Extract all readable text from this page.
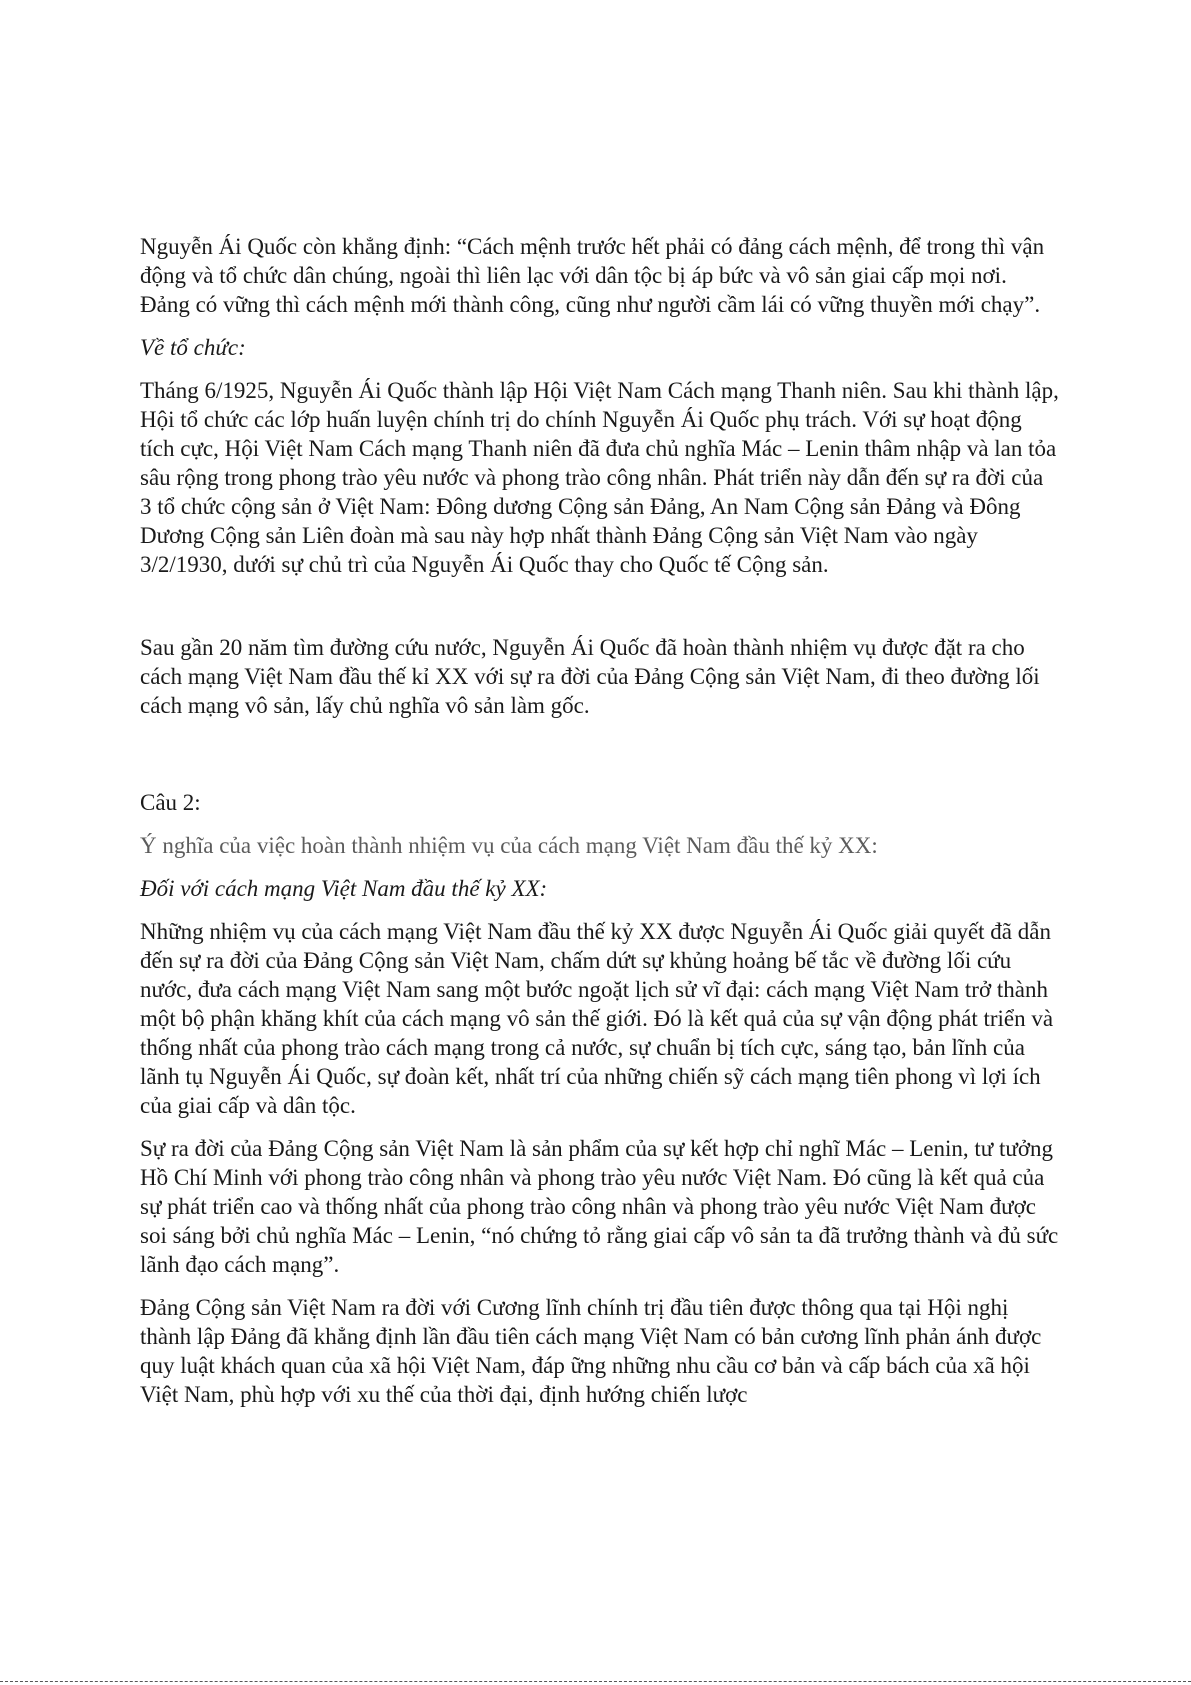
Nguyễn Ái Quốc còn khẳng định: “Cách mệnh trước hết phải có đảng cách mệnh, để trong thì vận động và tổ chức dân chúng, ngoài thì liên lạc với dân tộc bị áp bức và vô sản giai cấp mọi nơi. Đảng có vững thì cách mệnh mới thành công, cũng như người cầm lái có vững thuyền mới chạy”.

Về tổ chức:

Tháng 6/1925, Nguyễn Ái Quốc thành lập Hội Việt Nam Cách mạng Thanh niên. Sau khi thành lập, Hội tổ chức các lớp huấn luyện chính trị do chính Nguyễn Ái Quốc phụ trách. Với sự hoạt động tích cực, Hội Việt Nam Cách mạng Thanh niên đã đưa chủ nghĩa Mác – Lenin thâm nhập và lan tỏa sâu rộng trong phong trào yêu nước và phong trào công nhân. Phát triển này dẫn đến sự ra đời của 3 tổ chức cộng sản ở Việt Nam: Đông dương Cộng sản Đảng, An Nam Cộng sản Đảng và Đông Dương Cộng sản Liên đoàn mà sau này hợp nhất thành Đảng Cộng sản Việt Nam vào ngày 3/2/1930, dưới sự chủ trì của Nguyễn Ái Quốc thay cho Quốc tế Cộng sản.

Sau gần 20 năm tìm đường cứu nước, Nguyễn Ái Quốc đã hoàn thành nhiệm vụ được đặt ra cho cách mạng Việt Nam đầu thế kỉ XX với sự ra đời của Đảng Cộng sản Việt Nam, đi theo đường lối cách mạng vô sản, lấy chủ nghĩa vô sản làm gốc.

Câu 2:

Ý nghĩa của việc hoàn thành nhiệm vụ của cách mạng Việt Nam đầu thế kỷ XX:

Đối với cách mạng Việt Nam đầu thế kỷ XX:

Những nhiệm vụ của cách mạng Việt Nam đầu thế kỷ XX được Nguyễn Ái Quốc giải quyết đã dẫn đến sự ra đời của Đảng Cộng sản Việt Nam, chấm dứt sự khủng hoảng bế tắc về đường lối cứu nước, đưa cách mạng Việt Nam sang một bước ngoặt lịch sử vĩ đại: cách mạng Việt Nam trở thành một bộ phận khăng khít của cách mạng vô sản thế giới. Đó là kết quả của sự vận động phát triển và thống nhất của phong trào cách mạng trong cả nước, sự chuẩn bị tích cực, sáng tạo, bản lĩnh của lãnh tụ Nguyễn Ái Quốc, sự đoàn kết, nhất trí của những chiến sỹ cách mạng tiên phong vì lợi ích của giai cấp và dân tộc.

Sự ra đời của Đảng Cộng sản Việt Nam là sản phẩm của sự kết hợp chỉ nghĩ Mác – Lenin, tư tưởng Hồ Chí Minh với phong trào công nhân và phong trào yêu nước Việt Nam. Đó cũng là kết quả của sự phát triển cao và thống nhất của phong trào công nhân và phong trào yêu nước Việt Nam được soi sáng bởi chủ nghĩa Mác – Lenin, “nó chứng tỏ rằng giai cấp vô sản ta đã trưởng thành và đủ sức lãnh đạo cách mạng”.

Đảng Cộng sản Việt Nam ra đời với Cương lĩnh chính trị đầu tiên được thông qua tại Hội nghị thành lập Đảng đã khẳng định lần đầu tiên cách mạng Việt Nam có bản cương lĩnh phản ánh được quy luật khách quan của xã hội Việt Nam, đáp ững những nhu cầu cơ bản và cấp bách của xã hội Việt Nam, phù hợp với xu thế của thời đại, định hướng chiến lược
